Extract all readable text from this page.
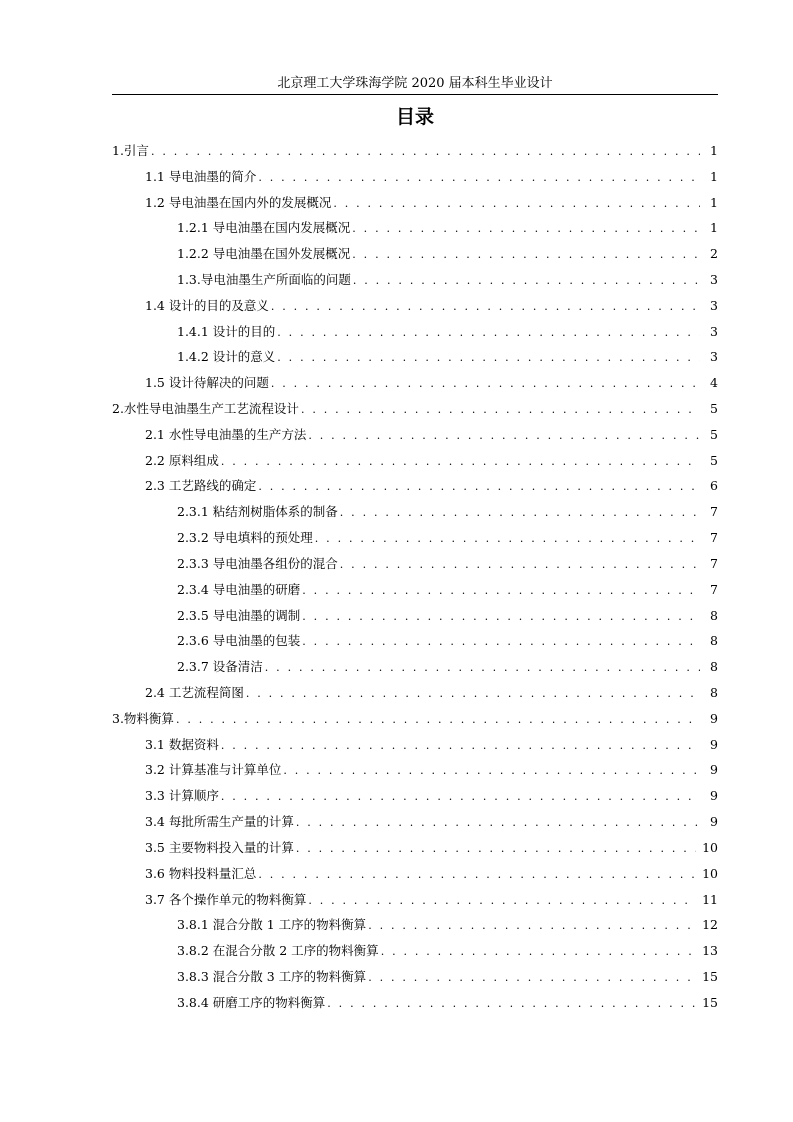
北京理工大学珠海学院 2020 届本科生毕业设计
目录
1.引言 . . .	1
1.1 导电油墨的简介 . . .	1
1.2 导电油墨在国内外的发展概况 . . .	1
1.2.1 导电油墨在国内发展概况 . . .	1
1.2.2 导电油墨在国外发展概况 . . .	2
1.3.导电油墨生产所面临的问题 . . .	3
1.4 设计的目的及意义 . . .	3
1.4.1 设计的目的 . . .	3
1.4.2 设计的意义 . . .	3
1.5 设计待解决的问题 . . .	4
2.水性导电油墨生产工艺流程设计 . . .	5
2.1 水性导电油墨的生产方法 . . .	5
2.2 原料组成 . . .	5
2.3 工艺路线的确定 . . .	6
2.3.1 粘结剂树脂体系的制备 . . .	7
2.3.2 导电填料的预处理 . . .	7
2.3.3 导电油墨各组份的混合 . . .	7
2.3.4 导电油墨的研磨 . . .	7
2.3.5 导电油墨的调制 . . .	8
2.3.6 导电油墨的包装 . . .	8
2.3.7 设备清洁 . . .	8
2.4 工艺流程简图 . . .	8
3.物料衡算 . . .	9
3.1 数据资料 . . .	9
3.2 计算基准与计算单位 . . .	9
3.3 计算顺序 . . .	9
3.4 每批所需生产量的计算 . . .	9
3.5 主要物料投入量的计算 . . .	10
3.6 物料投料量汇总 . . .	10
3.7 各个操作单元的物料衡算 . . .	11
3.8.1 混合分散 1 工序的物料衡算 . . .	12
3.8.2 在混合分散 2 工序的物料衡算 . . .	13
3.8.3 混合分散 3 工序的物料衡算 . . .	15
3.8.4 研磨工序的物料衡算 . . .	15
